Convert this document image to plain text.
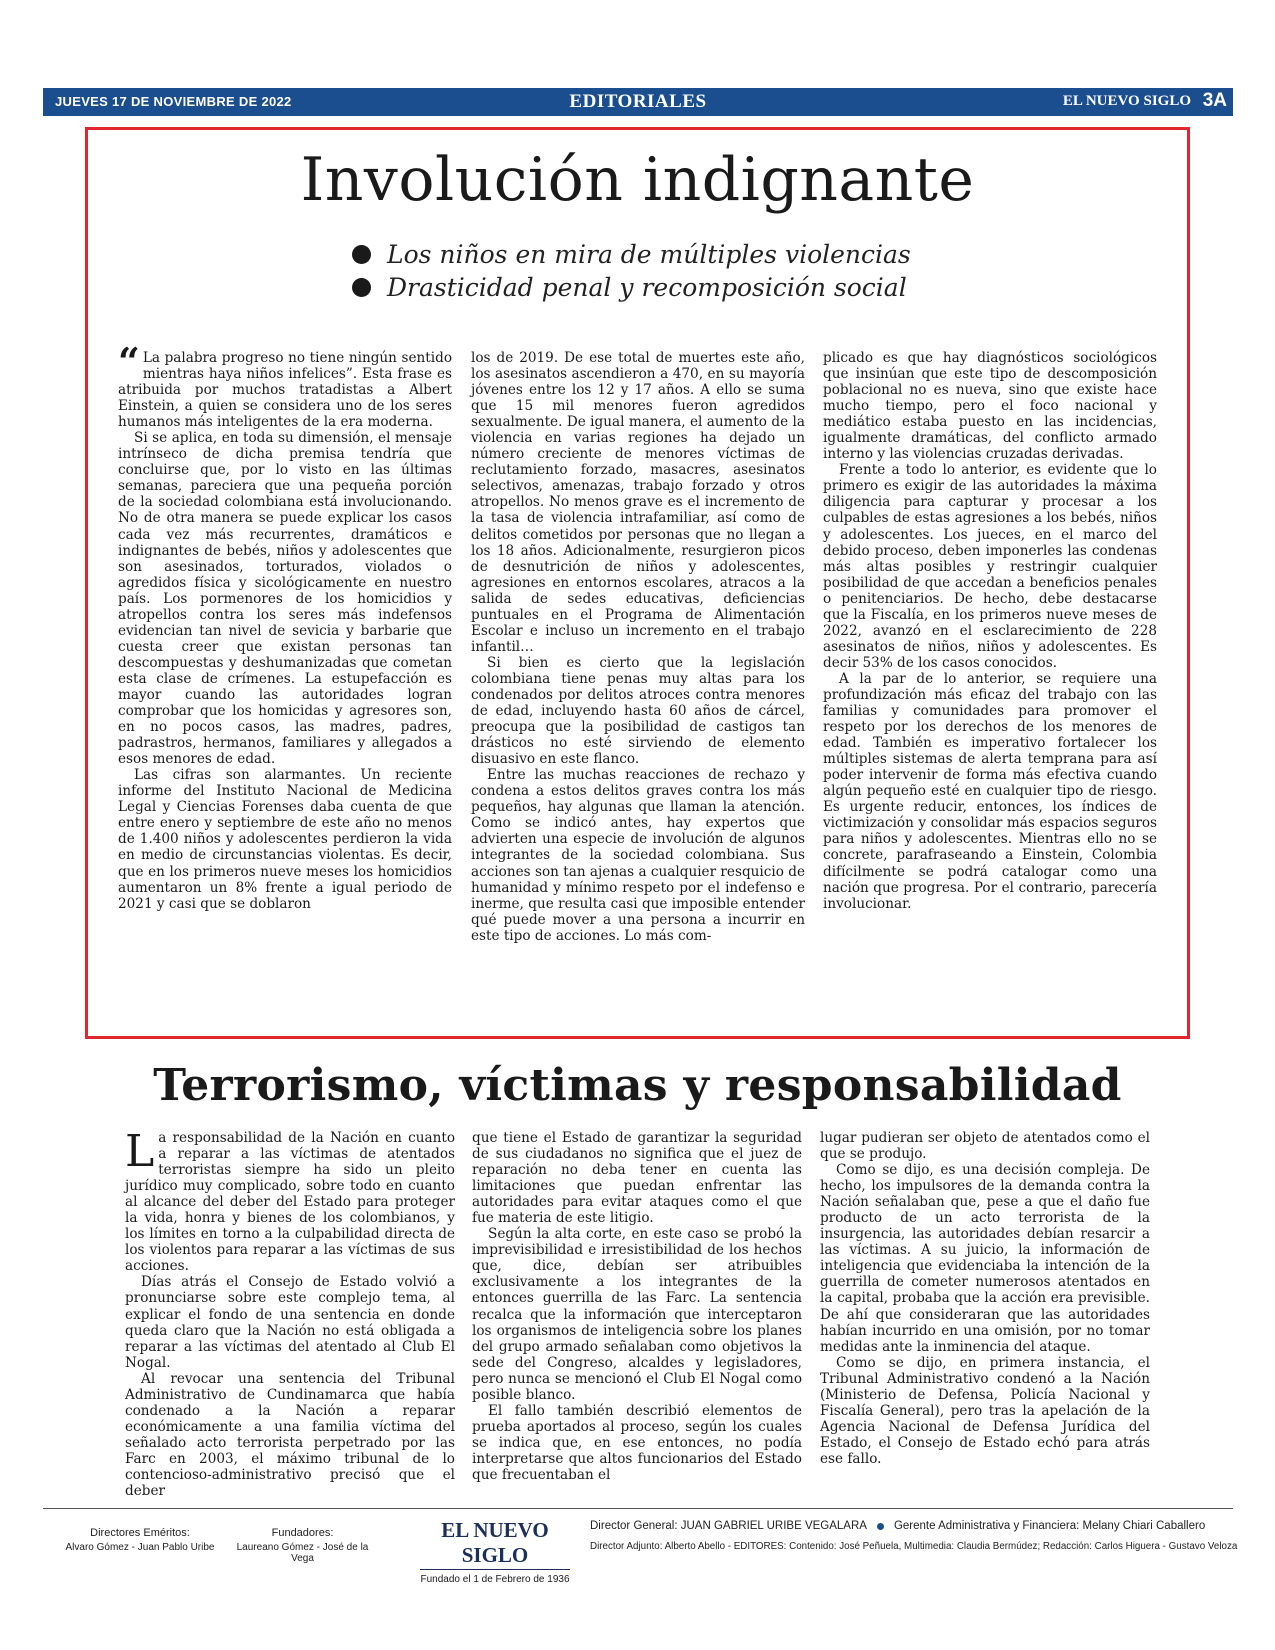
JUEVES 17 DE NOVIEMBRE DE 2022	EDITORIALES	EL NUEVO SIGLO 3A
Involución indignante
Los niños en mira de múltiples violencias
Drasticidad penal y recomposición social

“ La palabra progreso no tiene ningún sentido mientras haya niños infelices”. Esta frase es atribuida por muchos tratadistas a Albert Einstein, a quien se considera uno de los seres humanos más inteligentes de la era moderna.

Si se aplica, en toda su dimensión, el mensaje intrínseco de dicha premisa tendría que concluirse que, por lo visto en las últimas semanas, pareciera que una pequeña porción de la sociedad colombiana está involucionando. No de otra manera se puede explicar los casos cada vez más recurrentes, dramáticos e indignantes de bebés, niños y adolescentes que son asesinados, torturados, violados o agredidos física y sicológicamente en nuestro país. Los pormenores de los homicidios y atropellos contra los seres más indefensos evidencian tan nivel de sevicia y barbarie que cuesta creer que existan personas tan descompuestas y deshumanizadas que cometan esta clase de crímenes. La estupefacción es mayor cuando las autoridades logran comprobar que los homicidas y agresores son, en no pocos casos, las madres, padres, padrastros, hermanos, familiares y allegados a esos menores de edad.

Las cifras son alarmantes. Un reciente informe del Instituto Nacional de Medicina Legal y Ciencias Forenses daba cuenta de que entre enero y septiembre de este año no menos de 1.400 niños y adolescentes perdieron la vida en medio de circunstancias violentas. Es decir, que en los primeros nueve meses los homicidios aumentaron un 8% frente a igual periodo de 2021 y casi que se doblaron

los de 2019. De ese total de muertes este año, los asesinatos ascendieron a 470, en su mayoría jóvenes entre los 12 y 17 años. A ello se suma que 15 mil menores fueron agredidos sexualmente. De igual manera, el aumento de la violencia en varias regiones ha dejado un número creciente de menores víctimas de reclutamiento forzado, masacres, asesinatos selectivos, amenazas, trabajo forzado y otros atropellos. No menos grave es el incremento de la tasa de violencia intrafamiliar, así como de delitos cometidos por personas que no llegan a los 18 años. Adicionalmente, resurgieron picos de desnutrición de niños y adolescentes, agresiones en entornos escolares, atracos a la salida de sedes educativas, deficiencias puntuales en el Programa de Alimentación Escolar e incluso un incremento en el trabajo infantil…

Si bien es cierto que la legislación colombiana tiene penas muy altas para los condenados por delitos atroces contra menores de edad, incluyendo hasta 60 años de cárcel, preocupa que la posibilidad de castigos tan drásticos no esté sirviendo de elemento disuasivo en este flanco.

Entre las muchas reacciones de rechazo y condena a estos delitos graves contra los más pequeños, hay algunas que llaman la atención. Como se indicó antes, hay expertos que advierten una especie de involución de algunos integrantes de la sociedad colombiana. Sus acciones son tan ajenas a cualquier resquicio de humanidad y mínimo respeto por el indefenso e inerme, que resulta casi que imposible entender qué puede mover a una persona a incurrir en este tipo de acciones. Lo más com-

plicado es que hay diagnósticos sociológicos que insinúan que este tipo de descomposición poblacional no es nueva, sino que existe hace mucho tiempo, pero el foco nacional y mediático estaba puesto en las incidencias, igualmente dramáticas, del conflicto armado interno y las violencias cruzadas derivadas.

Frente a todo lo anterior, es evidente que lo primero es exigir de las autoridades la máxima diligencia para capturar y procesar a los culpables de estas agresiones a los bebés, niños y adolescentes. Los jueces, en el marco del debido proceso, deben imponerles las condenas más altas posibles y restringir cualquier posibilidad de que accedan a beneficios penales o penitenciarios. De hecho, debe destacarse que la Fiscalía, en los primeros nueve meses de 2022, avanzó en el esclarecimiento de 228 asesinatos de niños, niños y adolescentes. Es decir 53% de los casos conocidos.

A la par de lo anterior, se requiere una profundización más eficaz del trabajo con las familias y comunidades para promover el respeto por los derechos de los menores de edad. También es imperativo fortalecer los múltiples sistemas de alerta temprana para así poder intervenir de forma más efectiva cuando algún pequeño esté en cualquier tipo de riesgo. Es urgente reducir, entonces, los índices de victimización y consolidar más espacios seguros para niños y adolescentes. Mientras ello no se concrete, parafraseando a Einstein, Colombia difícilmente se podrá catalogar como una nación que progresa. Por el contrario, parecería involucionar.

Terrorismo, víctimas y responsabilidad

La responsabilidad de la Nación en cuanto a reparar a las víctimas de atentados terroristas siempre ha sido un pleito jurídico muy complicado, sobre todo en cuanto al alcance del deber del Estado para proteger la vida, honra y bienes de los colombianos, y los límites en torno a la culpabilidad directa de los violentos para reparar a las víctimas de sus acciones.

Días atrás el Consejo de Estado volvió a pronunciarse sobre este complejo tema, al explicar el fondo de una sentencia en donde queda claro que la Nación no está obligada a reparar a las víctimas del atentado al Club El Nogal.

Al revocar una sentencia del Tribunal Administrativo de Cundinamarca que había condenado a la Nación a reparar económicamente a una familia víctima del señalado acto terrorista perpetrado por las Farc en 2003, el máximo tribunal de lo contencioso-administrativo precisó que el deber

que tiene el Estado de garantizar la seguridad de sus ciudadanos no significa que el juez de reparación no deba tener en cuenta las limitaciones que puedan enfrentar las autoridades para evitar ataques como el que fue materia de este litigio.

Según la alta corte, en este caso se probó la imprevisibilidad e irresistibilidad de los hechos que, dice, debían ser atribuibles exclusivamente a los integrantes de la entonces guerrilla de las Farc. La sentencia recalca que la información que interceptaron los organismos de inteligencia sobre los planes del grupo armado señalaban como objetivos la sede del Congreso, alcaldes y legisladores, pero nunca se mencionó el Club El Nogal como posible blanco.

El fallo también describió elementos de prueba aportados al proceso, según los cuales se indica que, en ese entonces, no podía interpretarse que altos funcionarios del Estado que frecuentaban el

lugar pudieran ser objeto de atentados como el que se produjo.

Como se dijo, es una decisión compleja. De hecho, los impulsores de la demanda contra la Nación señalaban que, pese a que el daño fue producto de un acto terrorista de la insurgencia, las autoridades debían resarcir a las víctimas. A su juicio, la información de inteligencia que evidenciaba la intención de la guerrilla de cometer numerosos atentados en la capital, probaba que la acción era previsible. De ahí que consideraran que las autoridades habían incurrido en una omisión, por no tomar medidas ante la inminencia del ataque.

Como se dijo, en primera instancia, el Tribunal Administrativo condenó a la Nación (Ministerio de Defensa, Policía Nacional y Fiscalía General), pero tras la apelación de la Agencia Nacional de Defensa Jurídica del Estado, el Consejo de Estado echó para atrás ese fallo.

Directores Eméritos:
Alvaro Gómez - Juan Pablo Uribe
Fundadores:
Laureano Gómez - José de la Vega
EL NUEVO SIGLO
Fundado el 1 de Febrero de 1936
Director General: JUAN GABRIEL URIBE VEGALARA Gerente Administrativa y Financiera: Melany Chiari Caballero
Director Adjunto: Alberto Abello - EDITORES: Contenido: José Peñuela, Multimedia: Claudia Bermúdez; Redacción: Carlos Higuera - Gustavo Veloza
